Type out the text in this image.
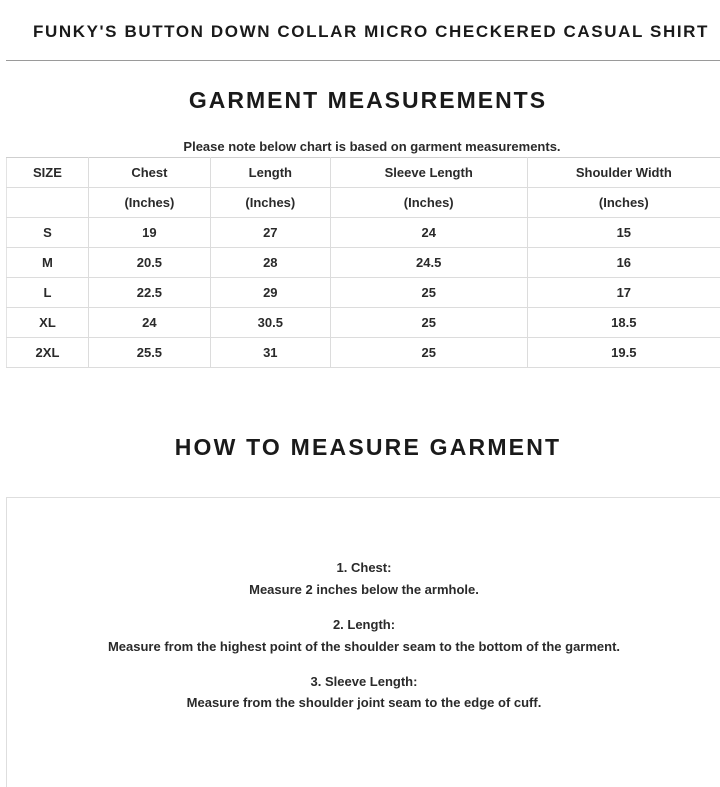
FUNKY'S BUTTON DOWN COLLAR MICRO CHECKERED CASUAL SHIRT
GARMENT MEASUREMENTS
Please note below chart is based on garment measurements.
SIZE	Chest	Length	Sleeve Length	Shoulder Width
	(Inches)	(Inches)	(Inches)	(Inches)
S	19	27	24	15
M	20.5	28	24.5	16
L	22.5	29	25	17
XL	24	30.5	25	18.5
2XL	25.5	31	25	19.5
HOW TO MEASURE GARMENT
1. Chest:
Measure 2 inches below the armhole.
2. Length:
Measure from the highest point of the shoulder seam to the bottom of the garment.
3. Sleeve Length:
Measure from the shoulder joint seam to the edge of cuff.
